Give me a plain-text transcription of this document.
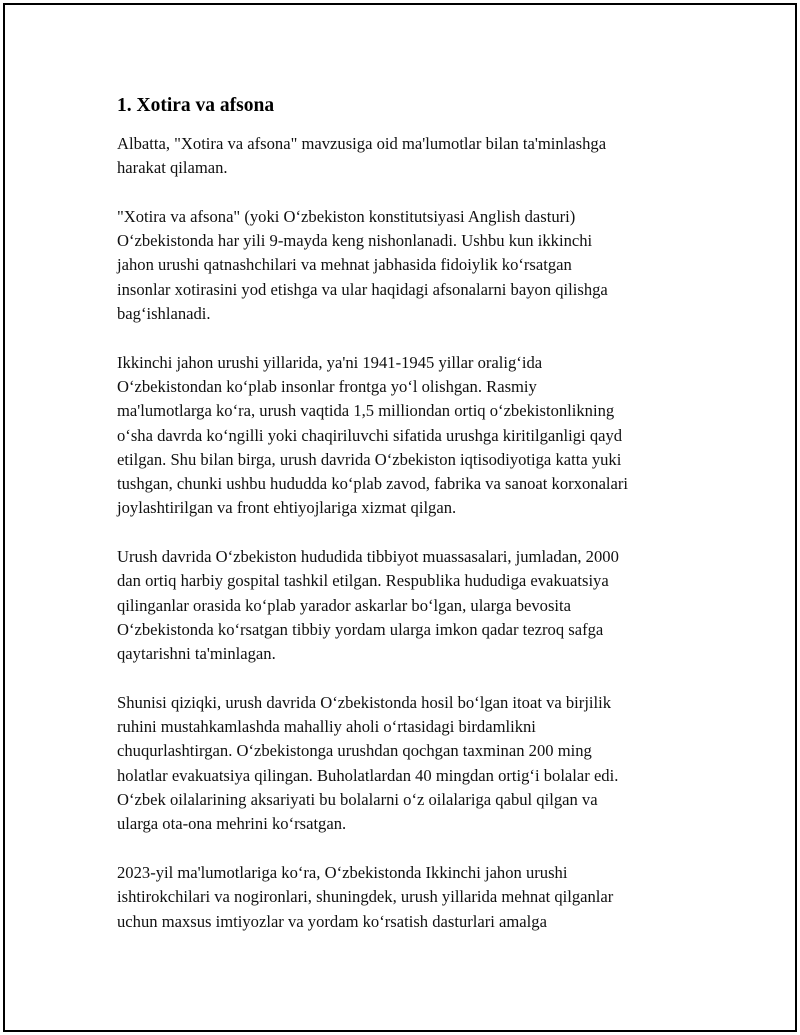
1. Xotira va afsona

Albatta, "Xotira va afsona" mavzusiga oid ma'lumotlar bilan ta'minlashga
harakat qilaman.

"Xotira va afsona" (yoki Oʻzbekiston konstitutsiyasi Anglish dasturi)
Oʻzbekistonda har yili 9-mayda keng nishonlanadi. Ushbu kun ikkinchi
jahon urushi qatnashchilari va mehnat jabhasida fidoiylik koʻrsatgan
insonlar xotirasini yod etishga va ular haqidagi afsonalarni bayon qilishga
bagʻishlanadi.

Ikkinchi jahon urushi yillarida, ya'ni 1941-1945 yillar oraligʻida
Oʻzbekistondan koʻplab insonlar frontga yoʻl olishgan. Rasmiy
ma'lumotlarga koʻra, urush vaqtida 1,5 milliondan ortiq oʻzbekistonlikning
oʻsha davrda koʻngilli yoki chaqiriluvchi sifatida urushga kiritilganligi qayd
etilgan. Shu bilan birga, urush davrida Oʻzbekiston iqtisodiyotiga katta yuki
tushgan, chunki ushbu hududda koʻplab zavod, fabrika va sanoat korxonalari
joylashtirilgan va front ehtiyojlariga xizmat qilgan.

Urush davrida Oʻzbekiston hududida tibbiyot muassasalari, jumladan, 2000
dan ortiq harbiy gospital tashkil etilgan. Respublika hududiga evakuatsiya
qilinganlar orasida koʻplab yarador askarlar boʻlgan, ularga bevosita
Oʻzbekistonda koʻrsatgan tibbiy yordam ularga imkon qadar tezroq safga
qaytarishni ta'minlagan.

Shunisi qiziqki, urush davrida Oʻzbekistonda hosil boʻlgan itoat va birjilik
ruhini mustahkamlashda mahalliy aholi oʻrtasidagi birdamlikni
chuqurlashtirgan. Oʻzbekistonga urushdan qochgan taxminan 200 ming
holatlar evakuatsiya qilingan. Buholatlardan 40 mingdan ortigʻi bolalar edi.
Oʻzbek oilalarining aksariyati bu bolalarni oʻz oilalariga qabul qilgan va
ularga ota-ona mehrini koʻrsatgan.

2023-yil ma'lumotlariga koʻra, Oʻzbekistonda Ikkinchi jahon urushi
ishtirokchilari va nogironlari, shuningdek, urush yillarida mehnat qilganlar
uchun maxsus imtiyozlar va yordam koʻrsatish dasturlari amalga
